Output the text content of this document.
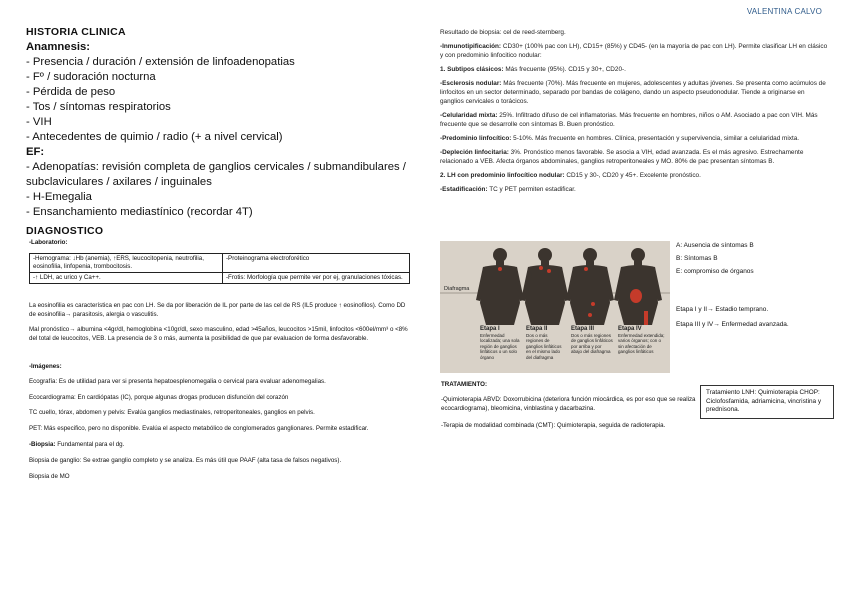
VALENTINA CALVO
HISTORIA CLINICA
Anamnesis:
- Presencia / duración / extensión de linfoadenopatias
- Fº / sudoración nocturna
- Pérdida de peso
- Tos / síntomas respiratorios
- VIH
- Antecedentes de quimio / radio (+ a nivel cervical)
EF:
- Adenopatías: revisión completa de ganglios cervicales / submandibulares /
subclaviculares / axilares / inguinales
- H-Emegalia
- Ensanchamiento mediastínico (recordar 4T)
DIAGNOSTICO
-Laboratorio:
-Hemograma: ↓Hb (anemia), ↑ERS, leucocitopenia, neutrofilia, eosinofilia, linfopenia, trombocitosis.	-Proteinograma electroforético
-↑ LDH, ac urico y Ca++.	-Frotis: Morfología que permite ver por ej, granulaciones tóxicas.
La eosinofilia es característica en pac con LH. Se da por liberación de IL por parte de las cel de RS (IL5 produce ↑ eosinofilos). Como DD de eosinofilia→ parasitosis, alergia o vasculitis.
Mal pronóstico→ albumina <4gr/dl, hemoglobina <10gr/dl, sexo masculino, edad >45años, leucocitos >15mil, linfocitos <600el/mm³ o <8% del total de leucocitos, VEB. La presencia de 3 o más, aumenta la posibilidad de que par evaluacion de forma desfavorable.
-Imágenes:
Ecografía: Es de utilidad para ver si presenta hepatoesplenomegalia o cervical para evaluar adenomegalias.
Ecocardiograma: En cardiópatas (IC), porque algunas drogas producen disfunción del corazón
TC cuello, tórax, abdomen y pelvis: Evalúa ganglios mediastinales, retroperitoneales, ganglios en pelvis.
PET: Más especifico, pero no disponible. Evalúa el aspecto metabólico de conglomerados ganglionares. Permite estadificar.
-Biopsia: Fundamental para el dg.
Biopsia de ganglio: Se extrae ganglio completo y se analiza. Es más útil que PAAF (alta tasa de falsos negativos).
Biopsia de MO
Resultado de biopsia: cel de reed-sternberg.
-Inmunotipificación: CD30+ (100% pac con LH), CD15+ (85%) y CD45- (en la mayoría de pac con LH). Permite clasificar LH en clásico y con predominio linfocitico nodular:
1. Subtipos clásicos: Más frecuente (95%). CD15 y 30+, CD20-.
-Esclerosis nodular: Más frecuente (70%). Más frecuente en mujeres, adolescentes y adultas jóvenes. Se presenta como acúmulos de linfocitos en un sector determinado, separado por bandas de colágeno, dando un aspecto pseudonodular. Tiende a originarse en ganglios cervicales o torácicos.
-Celularidad mixta: 25%. Infiltrado difuso de cel inflamatorias. Más frecuente en hombres, niños o AM. Asociado a pac con VIH. Más frecuente que se desarrolle con síntomas B. Buen pronóstico.
-Predominio linfocítico: 5-10%. Más frecuente en hombres. Clínica, presentación y supervivencia, similar a celularidad mixta.
-Depleción linfocitaria: 3%. Pronóstico menos favorable. Se asocia a VIH, edad avanzada. Es el más agresivo. Estrechamente relacionado a VEB. Afecta órganos abdominales, ganglios retroperitoneales y MO. 80% de pac presentan síntomas B.
2. LH con predominio linfocítico nodular: CD15 y 30-, CD20 y 45+. Excelente pronóstico.
-Estadificación: TC y PET permiten estadificar.
Diafragma
Etapa I
Enfermedad localizada; una sola región de ganglios linfáticos o un solo órgano
Etapa II
Dos o más regiones de ganglios linfáticos en el mismo lado del diafragma
Etapa III
Dos o más regiones de ganglios linfáticos por arriba y por abajo del diafragma
Etapa IV
Enfermedad extendida; varios órganos; con o sin afectación de ganglios linfáticos
A: Ausencia de síntomas B
B: Síntomas B
E: compromiso de órganos
Etapa I y II→ Estadio temprano.
Etapa III y IV→ Enfermedad avanzada.
TRATAMIENTO:
-Quimioterapia ABVD: Doxorrubicina (deteriora función miocárdica, es por eso que se realiza ecocardiograma), bleomicina, vinblastina y dacarbazina.
-Terapia de modalidad combinada (CMT): Quimioterapia, seguida de radioterapia.
Tratamiento LNH: Quimioterapia CHOP: Ciclofosfamida, adriamicina, vincristina y prednisona.
